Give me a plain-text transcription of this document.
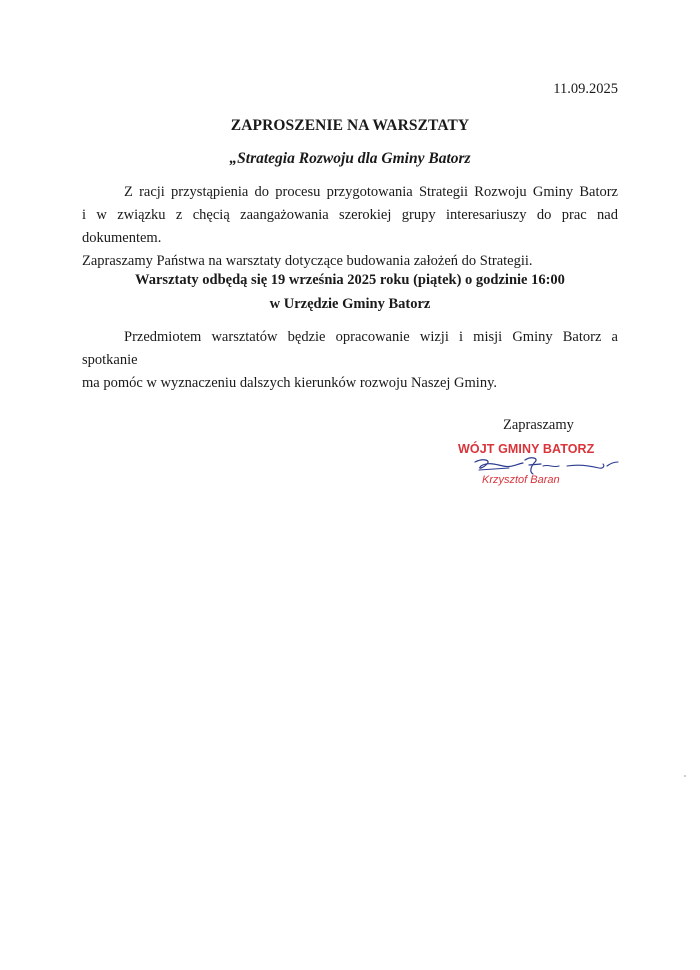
11.09.2025
ZAPROSZENIE NA WARSZTATY
„Strategia Rozwoju dla Gminy Batorz
Z racji przystąpienia do procesu przygotowania Strategii Rozwoju Gminy Batorz
i w związku z chęcią zaangażowania szerokiej grupy interesariuszy do prac nad dokumentem.
Zapraszamy Państwa na warsztaty dotyczące budowania założeń do Strategii.
Warsztaty odbędą się 19 września 2025 roku (piątek) o godzinie 16:00
w Urzędzie Gminy Batorz
Przedmiotem warsztatów będzie opracowanie wizji i misji Gminy Batorz a spotkanie
ma pomóc w wyznaczeniu dalszych kierunków rozwoju Naszej Gminy.
Zapraszamy
WÓJT GMINY BATORZ
Krzysztof Baran
